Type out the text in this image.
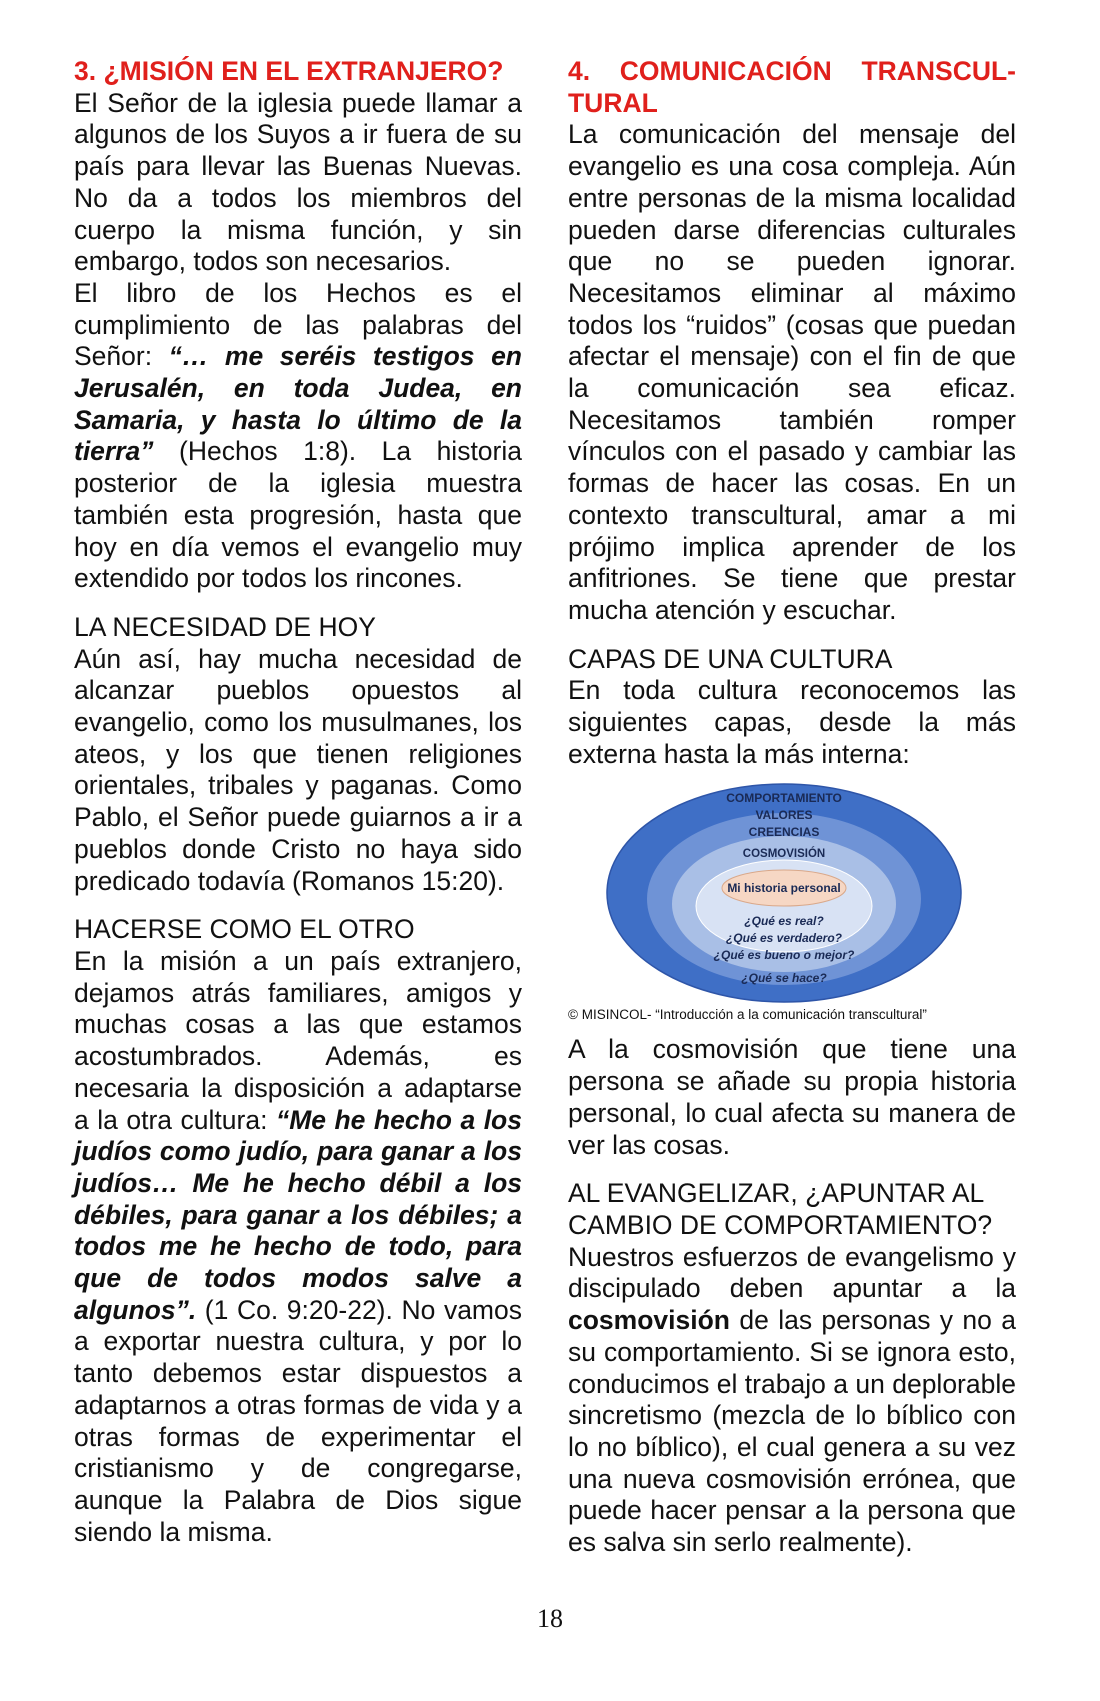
3. ¿MISIÓN EN EL EXTRANJERO?

El Señor de la iglesia puede llamar a algunos de los Suyos a ir fuera de su país para llevar las Buenas Nuevas. No da a todos los miembros del cuerpo la misma función, y sin embargo, todos son necesarios.

El libro de los Hechos es el cumplimiento de las palabras del Señor: “… me seréis testigos en Jerusalén, en toda Judea, en Samaria, y hasta lo último de la tierra” (Hechos 1:8). La historia posterior de la iglesia muestra también esta progresión, hasta que hoy en día vemos el evangelio muy extendido por todos los rincones.

LA NECESIDAD DE HOY

Aún así, hay mucha necesidad de alcanzar pueblos opuestos al evangelio, como los musulmanes, los ateos, y los que tienen religiones orientales, tribales y paganas. Como Pablo, el Señor puede guiarnos a ir a pueblos donde Cristo no haya sido predicado todavía (Romanos 15:20).

HACERSE COMO EL OTRO

En la misión a un país extranjero, dejamos atrás familiares, amigos y muchas cosas a las que estamos acostumbrados. Además, es necesaria la disposición a adaptarse a la otra cultura: “Me he hecho a los judíos como judío, para ganar a los judíos… Me he hecho débil a los débiles, para ganar a los débiles; a todos me he hecho de todo, para que de todos modos salve a algunos”. (1 Co. 9:20-22). No vamos a exportar nuestra cultura, y por lo tanto debemos estar dispuestos a adaptarnos a otras formas de vida y a otras formas de experimentar el cristianismo y de congregarse, aunque la Palabra de Dios sigue siendo la misma.

4. COMUNICACIÓN TRANSCUL-TURAL

La comunicación del mensaje del evangelio es una cosa compleja. Aún entre personas de la misma localidad pueden darse diferencias culturales que no se pueden ignorar. Necesitamos eliminar al máximo todos los “ruidos” (cosas que puedan afectar el mensaje) con el fin de que la comunicación sea eficaz. Necesitamos también romper vínculos con el pasado y cambiar las formas de hacer las cosas. En un contexto transcultural, amar a mi prójimo implica aprender de los anfitriones. Se tiene que prestar mucha atención y escuchar.

CAPAS DE UNA CULTURA

En toda cultura reconocemos las siguientes capas, desde la más externa hasta la más interna:

COMPORTAMIENTO
VALORES
CREENCIAS
COSMOVISIÓN
Mi historia personal
¿Qué es real?
¿Qué es verdadero?
¿Qué es bueno o mejor?
¿Qué se hace?

© MISINCOL- “Introducción a la comunicación transcultural”

A la cosmovisión que tiene una persona se añade su propia historia personal, lo cual afecta su manera de ver las cosas.

AL EVANGELIZAR, ¿APUNTAR AL CAMBIO DE COMPORTAMIENTO?

Nuestros esfuerzos de evangelismo y discipulado deben apuntar a la cosmovisión de las personas y no a su comportamiento. Si se ignora esto, conducimos el trabajo a un deplorable sincretismo (mezcla de lo bíblico con lo no bíblico), el cual genera a su vez una nueva cosmovisión errónea, que puede hacer pensar a la persona que es salva sin serlo realmente).

18
